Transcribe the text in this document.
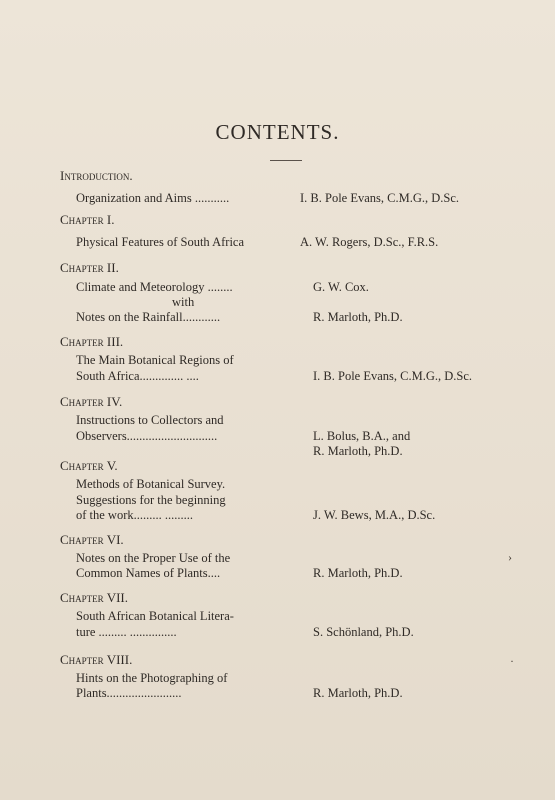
CONTENTS.
Introduction.
Organization and Aims ...........	I. B. Pole Evans, C.M.G., D.Sc.
Chapter I.
Physical Features of South Africa	A. W. Rogers, D.Sc., F.R.S.
Chapter II.
Climate and Meteorology ........	G. W. Cox.
with
Notes on the Rainfall............	R. Marloth, Ph.D.
Chapter III.
The Main Botanical Regions of
South Africa.............. ....	I. B. Pole Evans, C.M.G., D.Sc.
Chapter IV.
Instructions to Collectors and
Observers.............................	L. Bolus, B.A., and
R. Marloth, Ph.D.
Chapter V.
Methods of Botanical Survey.
Suggestions for the beginning
of the work......... .........	J. W. Bews, M.A., D.Sc.
Chapter VI.
Notes on the Proper Use of the
Common Names of Plants....	R. Marloth, Ph.D.
Chapter VII.
South African Botanical Litera-
ture ......... ...............	S. Schönland, Ph.D.
Chapter VIII.
Hints on the Photographing of
Plants........................	R. Marloth, Ph.D.
›
·
